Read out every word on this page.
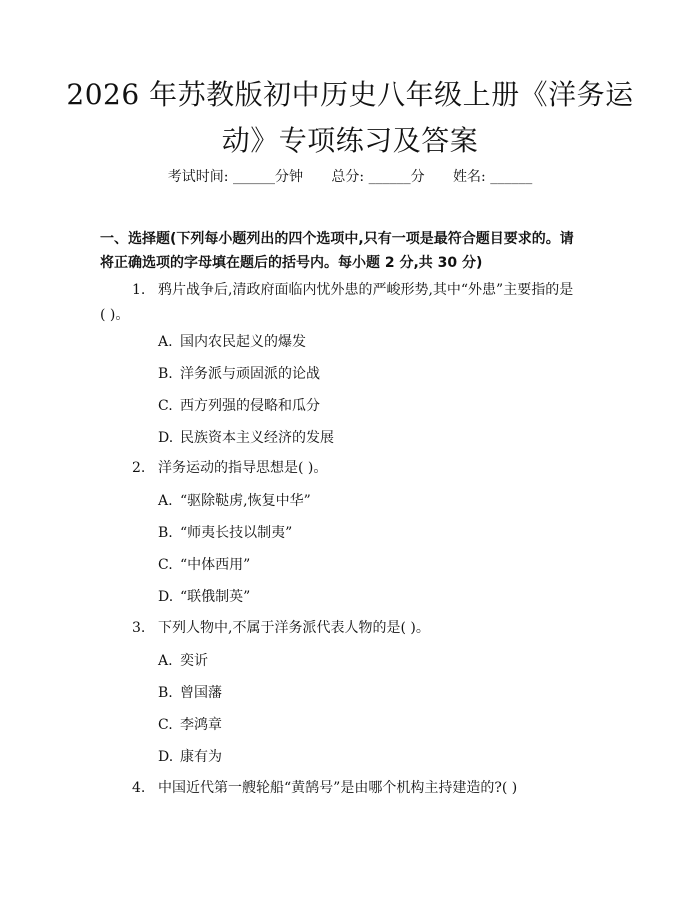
2026 年苏教版初中历史八年级上册《洋务运
动》专项练习及答案
考试时间: ______分钟 总分: ______分 姓名: ______
一、选择题(下列每小题列出的四个选项中,只有一项是最符合题目要求的。请
将正确选项的字母填在题后的括号内。每小题 2 分,共 30 分)
1. 鸦片战争后,清政府面临内忧外患的严峻形势,其中“外患”主要指的是
( )。
A. 国内农民起义的爆发
B. 洋务派与顽固派的论战
C. 西方列强的侵略和瓜分
D. 民族资本主义经济的发展
2. 洋务运动的指导思想是( )。
A. “驱除鞑虏,恢复中华”
B. “师夷长技以制夷”
C. “中体西用”
D. “联俄制英”
3. 下列人物中,不属于洋务派代表人物的是( )。
A. 奕䜣
B. 曾国藩
C. 李鸿章
D. 康有为
4. 中国近代第一艘轮船“黄鹄号”是由哪个机构主持建造的?( )
